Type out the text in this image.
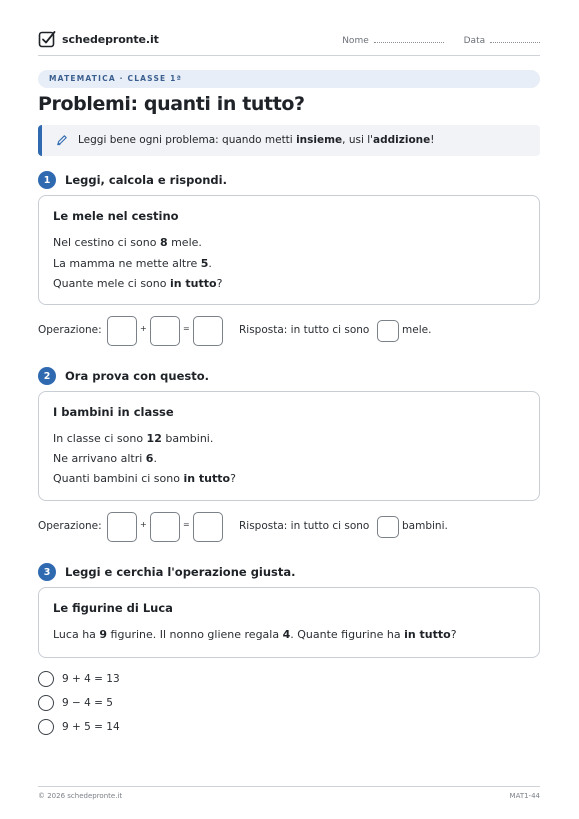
schedepronte.it	Nome	Data
MATEMATICA · CLASSE 1ª
Problemi: quanti in tutto?
Leggi bene ogni problema: quando metti insieme, usi l'addizione!
1	Leggi, calcola e rispondi.
Le mele nel cestino
Nel cestino ci sono 8 mele.
La mamma ne mette altre 5.
Quante mele ci sono in tutto?
Operazione:	+	=	Risposta: in tutto ci sono	mele.
2	Ora prova con questo.
I bambini in classe
In classe ci sono 12 bambini.
Ne arrivano altri 6.
Quanti bambini ci sono in tutto?
Operazione:	+	=	Risposta: in tutto ci sono	bambini.
3	Leggi e cerchia l'operazione giusta.
Le figurine di Luca
Luca ha 9 figurine. Il nonno gliene regala 4. Quante figurine ha in tutto?
9 + 4 = 13
9 − 4 = 5
9 + 5 = 14
© 2026 schedepronte.it	MAT1-44
